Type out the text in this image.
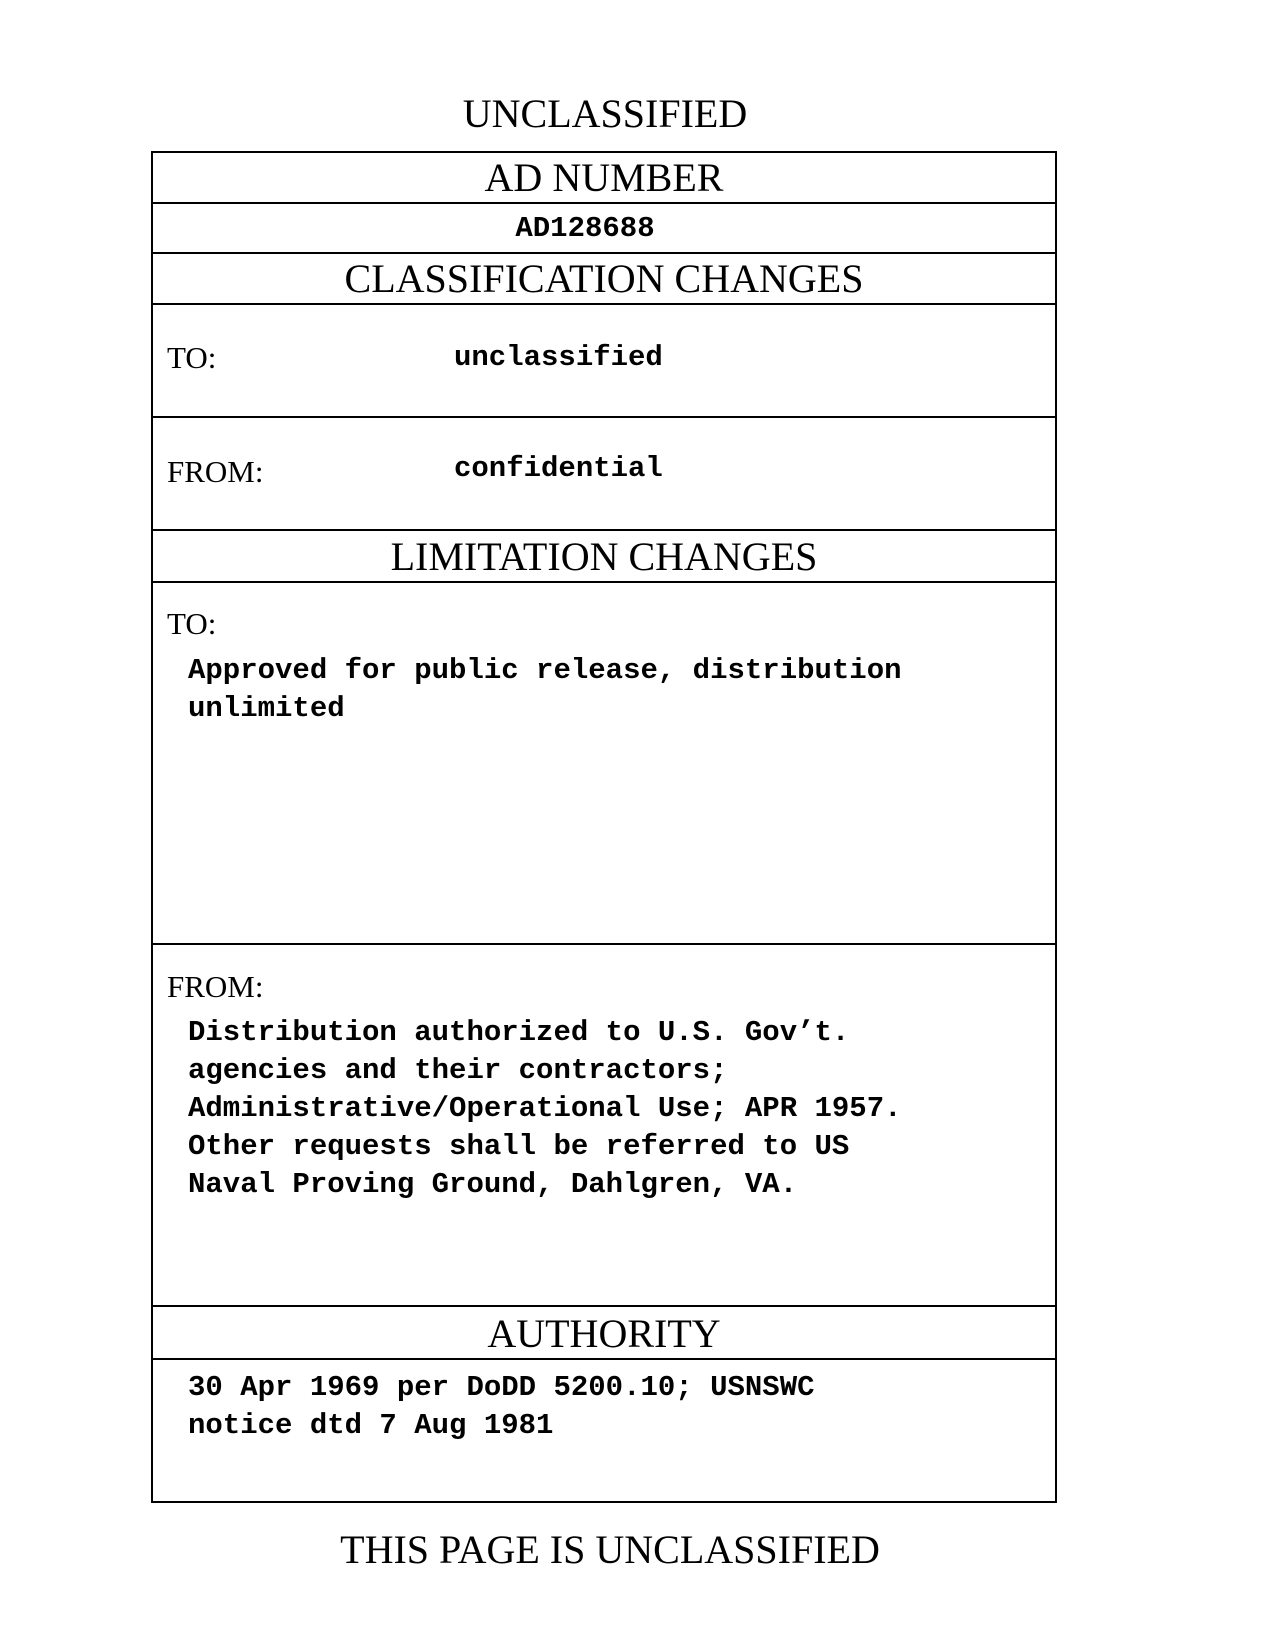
UNCLASSIFIED
AD NUMBER
AD128688
CLASSIFICATION CHANGES
TO:	unclassified
FROM:	confidential
LIMITATION CHANGES
TO:
Approved for public release, distribution
unlimited
FROM:
Distribution authorized to U.S. Gov’t.
agencies and their contractors;
Administrative/Operational Use; APR 1957.
Other requests shall be referred to US
Naval Proving Ground, Dahlgren, VA.
AUTHORITY
30 Apr 1969 per DoDD 5200.10; USNSWC
notice dtd 7 Aug 1981
THIS PAGE IS UNCLASSIFIED
